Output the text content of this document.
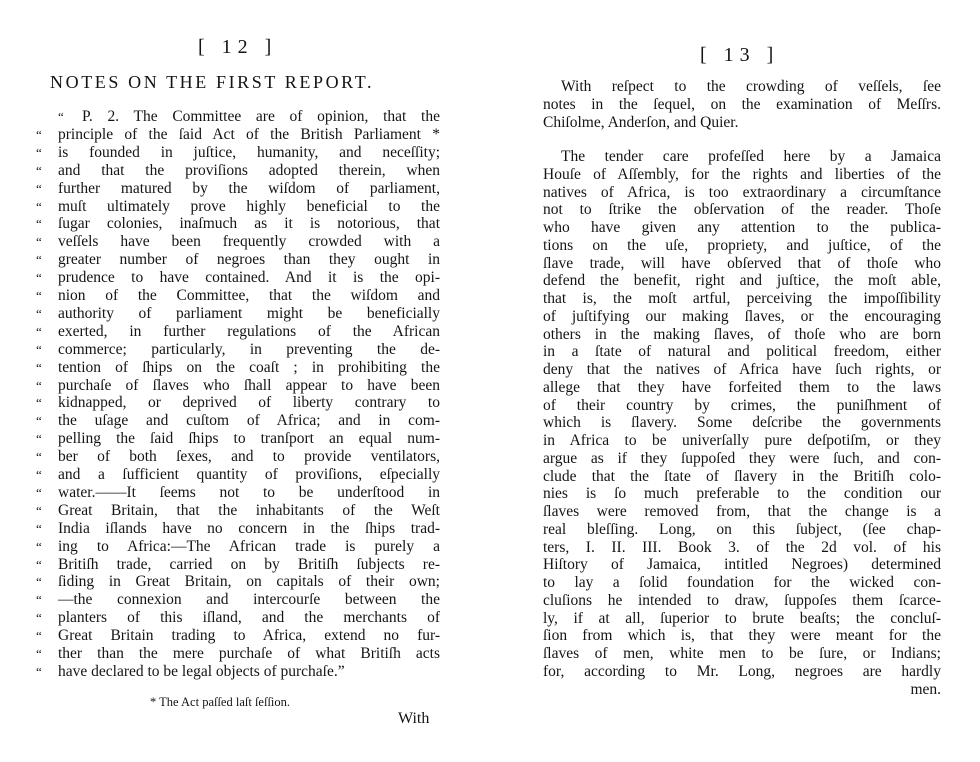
[ 12 ]
NOTES ON THE FIRST REPORT.
“	P. 2. The Committee are of opinion, that the
“	principle of the ſaid Act of the British Parliament *
“	is founded in juſtice, humanity, and neceſſity;
“	and that the proviſions adopted therein, when
“	further matured by the wiſdom of parliament,
“	muſt ultimately prove highly beneficial to the
“	ſugar colonies, inaſmuch as it is notorious, that
“	veſſels have been frequently crowded with a
“	greater number of negroes than they ought in
“	prudence to have contained. And it is the opi-
“	nion of the Committee, that the wiſdom and
“	authority of parliament might be beneficially
“	exerted, in further regulations of the African
“	commerce; particularly, in preventing the de-
“	tention of ſhips on the coaſt ; in prohibiting the
“	purchaſe of ſlaves who ſhall appear to have been
“	kidnapped, or deprived of liberty contrary to
“	the uſage and cuſtom of Africa; and in com-
“	pelling the ſaid ſhips to tranſport an equal num-
“	ber of both ſexes, and to provide ventilators,
“	and a ſufficient quantity of proviſions, eſpecially
“	water.——It ſeems not to be underſtood in
“	Great Britain, that the inhabitants of the Weſt
“	India iſlands have no concern in the ſhips trad-
“	ing to Africa:—The African trade is purely a
“	Britiſh trade, carried on by Britiſh ſubjects re-
“	ſiding in Great Britain, on capitals of their own;
“	—the connexion and intercourſe between the
“	planters of this iſland, and the merchants of
“	Great Britain trading to Africa, extend no fur-
“	ther than the mere purchaſe of what Britiſh acts
“	have declared to be legal objects of purchaſe.”
* The Act paſſed laſt ſeſſion.
With
[ 13 ]
With reſpect to the crowding of veſſels, ſee
notes in the ſequel, on the examination of Meſſrs.
Chiſolme, Anderſon, and Quier.
The tender care profeſſed here by a Jamaica
Houſe of Aſſembly, for the rights and liberties of the
natives of Africa, is too extraordinary a circumſtance
not to ſtrike the obſervation of the reader. Thoſe
who have given any attention to the publica-
tions on the uſe, propriety, and juſtice, of the
ſlave trade, will have obſerved that of thoſe who
defend the benefit, right and juſtice, the moſt able,
that is, the moſt artful, perceiving the impoſſibility
of juſtifying our making ſlaves, or the encouraging
others in the making ſlaves, of thoſe who are born
in a ſtate of natural and political freedom, either
deny that the natives of Africa have ſuch rights, or
allege that they have forfeited them to the laws
of their country by crimes, the puniſhment of
which is ſlavery. Some deſcribe the governments
in Africa to be univerſally pure deſpotiſm, or they
argue as if they ſuppoſed they were ſuch, and con-
clude that the ſtate of ſlavery in the Britiſh colo-
nies is ſo much preferable to the condition our
ſlaves were removed from, that the change is a
real bleſſing. Long, on this ſubject, (ſee chap-
ters, I. II. III. Book 3. of the 2d vol. of his
Hiſtory of Jamaica, intitled Negroes) determined
to lay a ſolid foundation for the wicked con-
cluſions he intended to draw, ſuppoſes them ſcarce-
ly, if at all, ſuperior to brute beaſts; the concluſ-
ſion from which is, that they were meant for the
ſlaves of men, white men to be ſure, or Indians;
for, according to Mr. Long, negroes are hardly
men.
